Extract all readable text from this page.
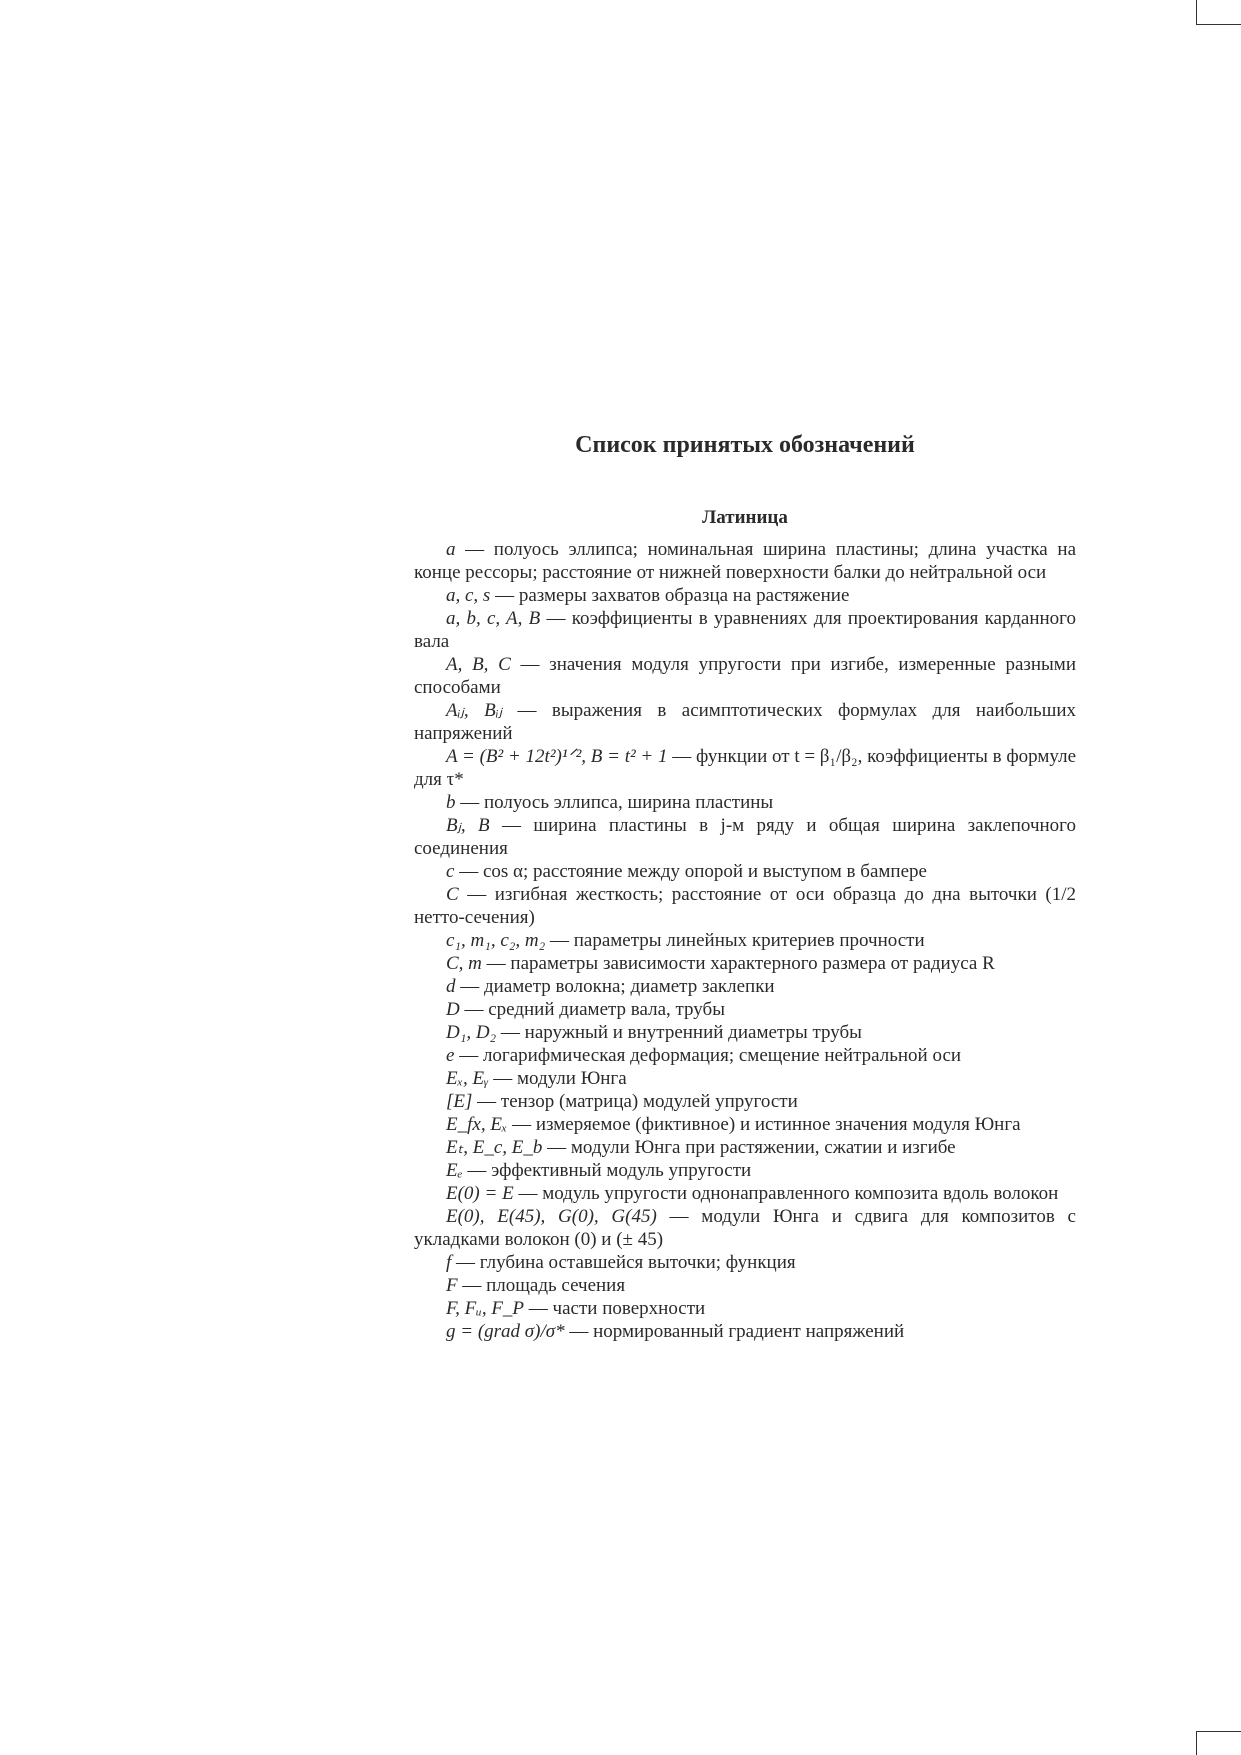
Список принятых обозначений
Латиница

a — полуось эллипса; номинальная ширина пластины; длина участка на конце рессоры; расстояние от нижней поверхности балки до нейтральной оси

a, c, s — размеры захватов образца на растяжение

a, b, c, A, B — коэффициенты в уравнениях для проектирования карданного вала

A, B, C — значения модуля упругости при изгибе, измеренные разными способами

Aᵢⱼ, Bᵢⱼ — выражения в асимптотических формулах для наибольших напряжений

A = (B² + 12t²)¹ᐟ², B = t² + 1 — функции от t = β₁/β₂, коэффициенты в формуле для τ*

b — полуось эллипса, ширина пластины

Bⱼ, B — ширина пластины в j-м ряду и общая ширина заклепочного соединения

c — cos α; расстояние между опорой и выступом в бампере

C — изгибная жесткость; расстояние от оси образца до дна выточки (1/2 нетто-сечения)

c₁, m₁, c₂, m₂ — параметры линейных критериев прочности

C, m — параметры зависимости характерного размера от радиуса R

d — диаметр волокна; диаметр заклепки

D — средний диаметр вала, трубы

D₁, D₂ — наружный и внутренний диаметры трубы

e — логарифмическая деформация; смещение нейтральной оси

Eₓ, Eᵧ — модули Юнга

[E] — тензор (матрица) модулей упругости

E_fx, Eₓ — измеряемое (фиктивное) и истинное значения модуля Юнга

Eₜ, E_c, E_b — модули Юнга при растяжении, сжатии и изгибе

Eₑ — эффективный модуль упругости

E(0) = E — модуль упругости однонаправленного композита вдоль волокон

E(0), E(45), G(0), G(45) — модули Юнга и сдвига для композитов с укладками волокон (0) и (± 45)

f — глубина оставшейся выточки; функция

F — площадь сечения

F, Fᵤ, F_P — части поверхности

g = (grad σ)/σ* — нормированный градиент напряжений
